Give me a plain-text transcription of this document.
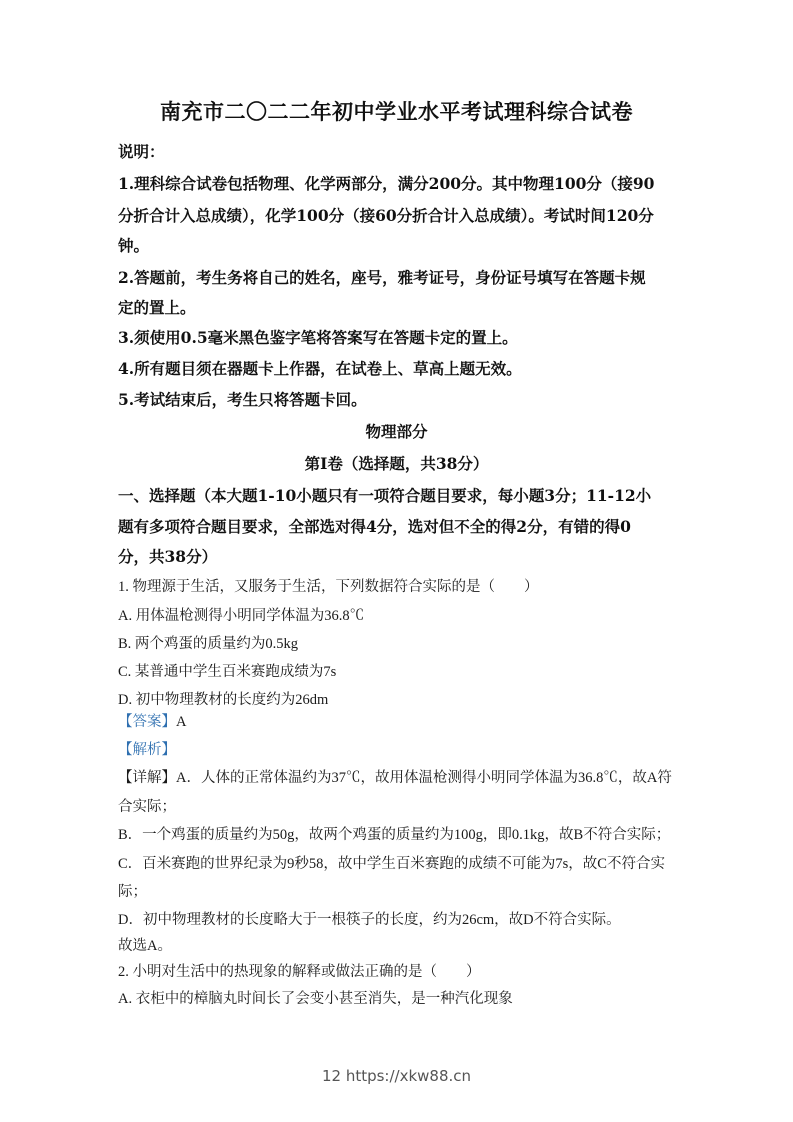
南充市二〇二二年初中学业水平考试理科综合试卷
说明：
1.理科综合试卷包括物理、化学两部分，满分200分。其中物理100分（接90
分折合计入总成绩），化学100分（接60分折合计入总成绩）。考试时间120分
钟。
2.答题前，考生务将自己的姓名，座号，雅考证号，身份证号填写在答题卡规
定的置上。
3.须使用0.5毫米黑色鉴字笔将答案写在答题卡定的置上。
4.所有题目须在器题卡上作器，在试卷上、草高上题无效。
5.考试结束后，考生只将答题卡回。
物理部分
第Ⅰ卷（选择题，共38分）
一、选择题（本大题1-10小题只有一项符合题目要求，每小题3分；11-12小
题有多项符合题目要求，全部选对得4分，选对但不全的得2分，有错的得0
分，共38分）
1. 物理源于生活，又服务于生活，下列数据符合实际的是（　　）
A. 用体温枪测得小明同学体温为36.8℃
B. 两个鸡蛋的质量约为0.5kg
C. 某普通中学生百米赛跑成绩为7s
D. 初中物理教材的长度约为26dm
【答案】A
【解析】
【详解】A．人体的正常体温约为37℃，故用体温枪测得小明同学体温为36.8℃，故A符
合实际；
B．一个鸡蛋的质量约为50g，故两个鸡蛋的质量约为100g，即0.1kg，故B不符合实际；
C．百米赛跑的世界纪录为9秒58，故中学生百米赛跑的成绩不可能为7s，故C不符合实
际；
D．初中物理教材的长度略大于一根筷子的长度，约为26cm，故D不符合实际。
故选A。
2. 小明对生活中的热现象的解释或做法正确的是（　　）
A. 衣柜中的樟脑丸时间长了会变小甚至消失，是一种汽化现象
12 https://xkw88.cn
